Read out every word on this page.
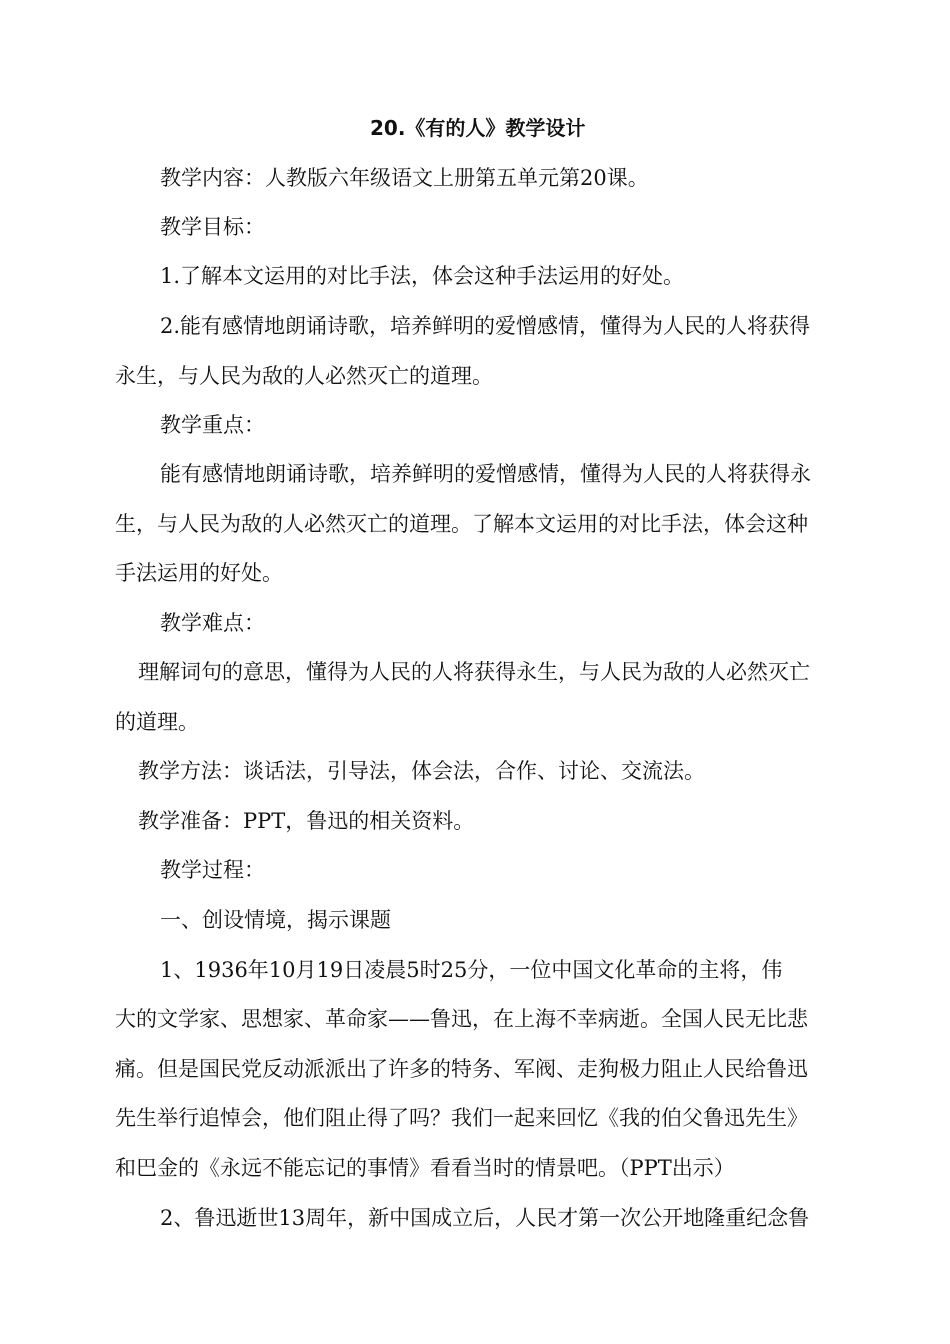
20.《有的人》教学设计
教学内容：人教版六年级语文上册第五单元第20课。
教学目标：
1.了解本文运用的对比手法，体会这种手法运用的好处。
2.能有感情地朗诵诗歌，培养鲜明的爱憎感情，懂得为人民的人将获得
永生，与人民为敌的人必然灭亡的道理。
教学重点：
能有感情地朗诵诗歌，培养鲜明的爱憎感情，懂得为人民的人将获得永
生，与人民为敌的人必然灭亡的道理。了解本文运用的对比手法，体会这种
手法运用的好处。
教学难点：
理解词句的意思，懂得为人民的人将获得永生，与人民为敌的人必然灭亡
的道理。
教学方法：谈话法，引导法，体会法，合作、讨论、交流法。
教学准备：PPT，鲁迅的相关资料。
教学过程：
一、创设情境，揭示课题
1、1936年10月19日凌晨5时25分，一位中国文化革命的主将，伟
大的文学家、思想家、革命家——鲁迅，在上海不幸病逝。全国人民无比悲
痛。但是国民党反动派派出了许多的特务、军阀、走狗极力阻止人民给鲁迅
先生举行追悼会，他们阻止得了吗？我们一起来回忆《我的伯父鲁迅先生》
和巴金的《永远不能忘记的事情》看看当时的情景吧。（PPT出示）
2、鲁迅逝世13周年，新中国成立后，人民才第一次公开地隆重纪念鲁
